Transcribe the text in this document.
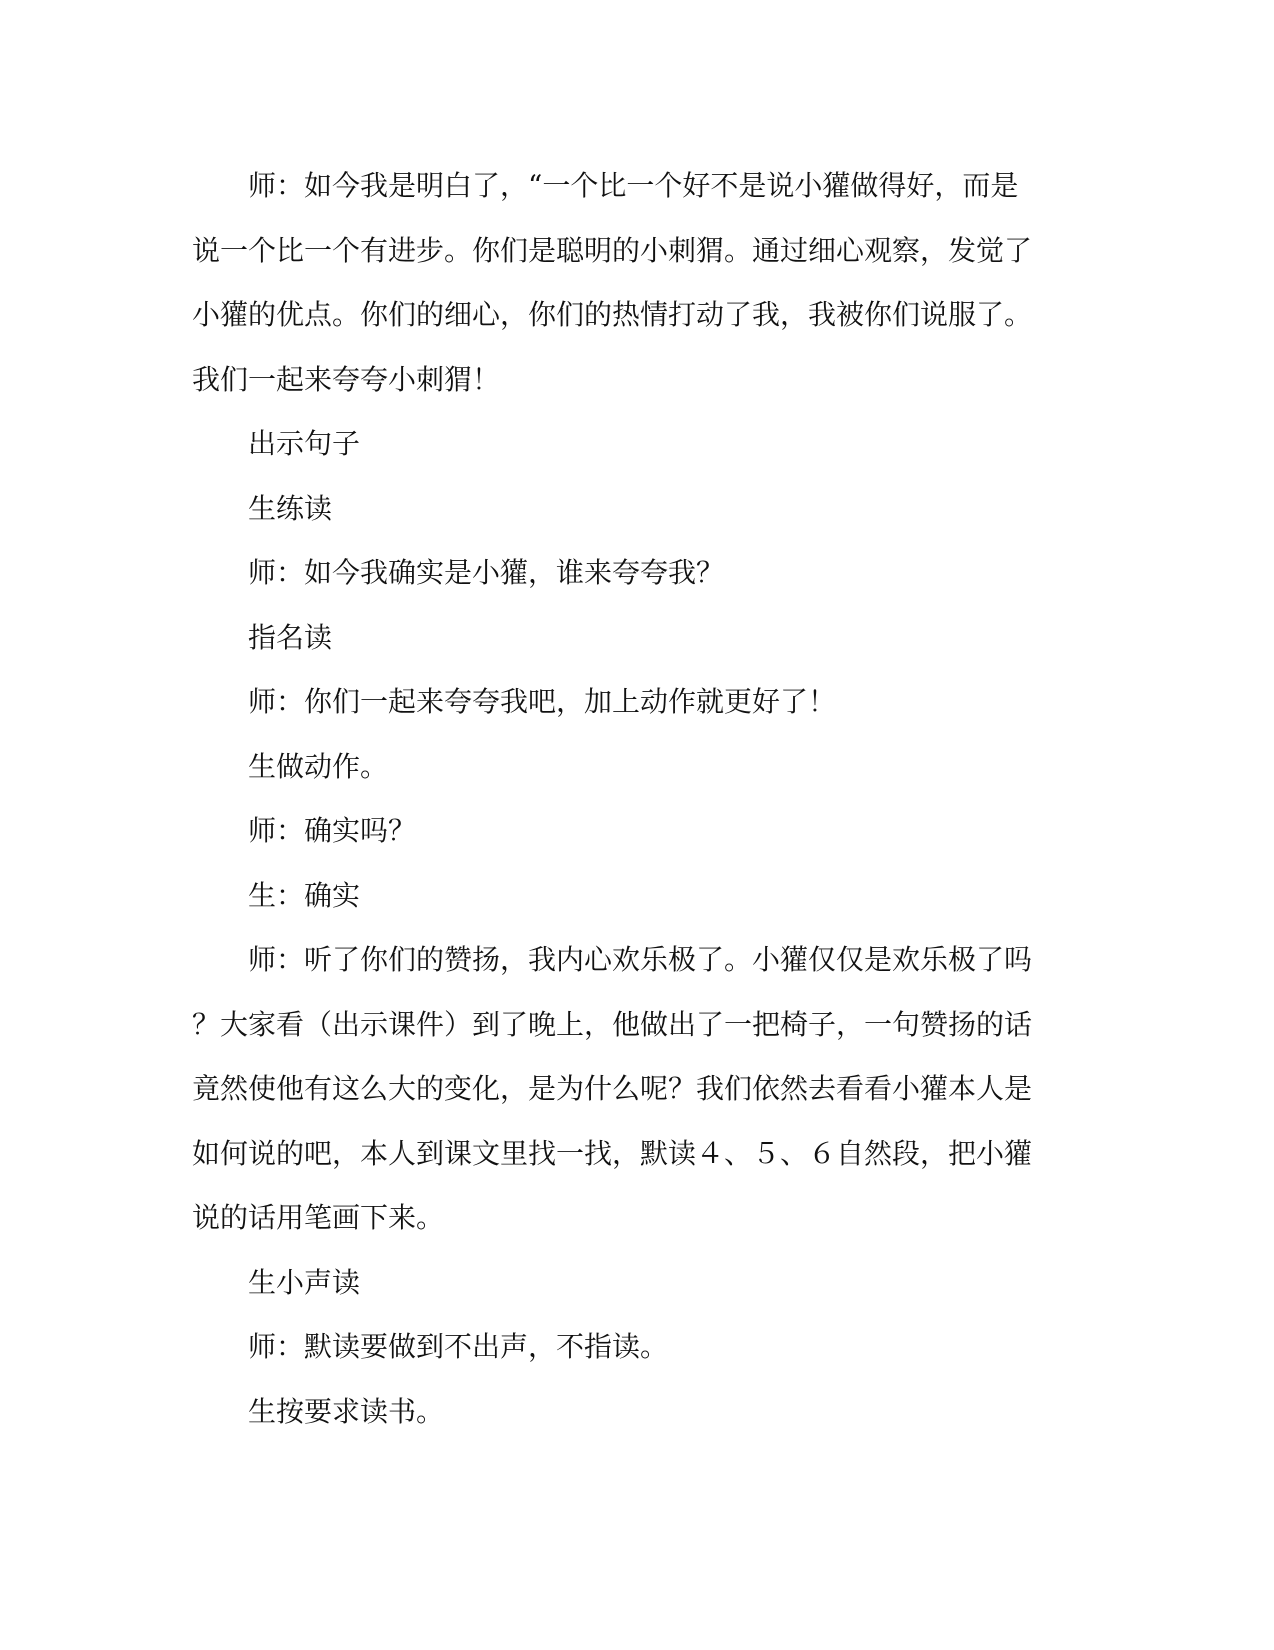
师：如今我是明白了，“一个比一个好不是说小獾做得好，而是
说一个比一个有进步。你们是聪明的小刺猬。通过细心观察，发觉了
小獾的优点。你们的细心，你们的热情打动了我，我被你们说服了。
我们一起来夸夸小刺猬！
出示句子
生练读
师：如今我确实是小獾，谁来夸夸我？
指名读
师：你们一起来夸夸我吧，加上动作就更好了！
生做动作。
师：确实吗？
生：确实
师：听了你们的赞扬，我内心欢乐极了。小獾仅仅是欢乐极了吗
？大家看（出示课件）到了晚上，他做出了一把椅子，一句赞扬的话
竟然使他有这么大的变化，是为什么呢？我们依然去看看小獾本人是
如何说的吧，本人到课文里找一找，默读４、５、６自然段，把小獾
说的话用笔画下来。
生小声读
师：默读要做到不出声，不指读。
生按要求读书。
